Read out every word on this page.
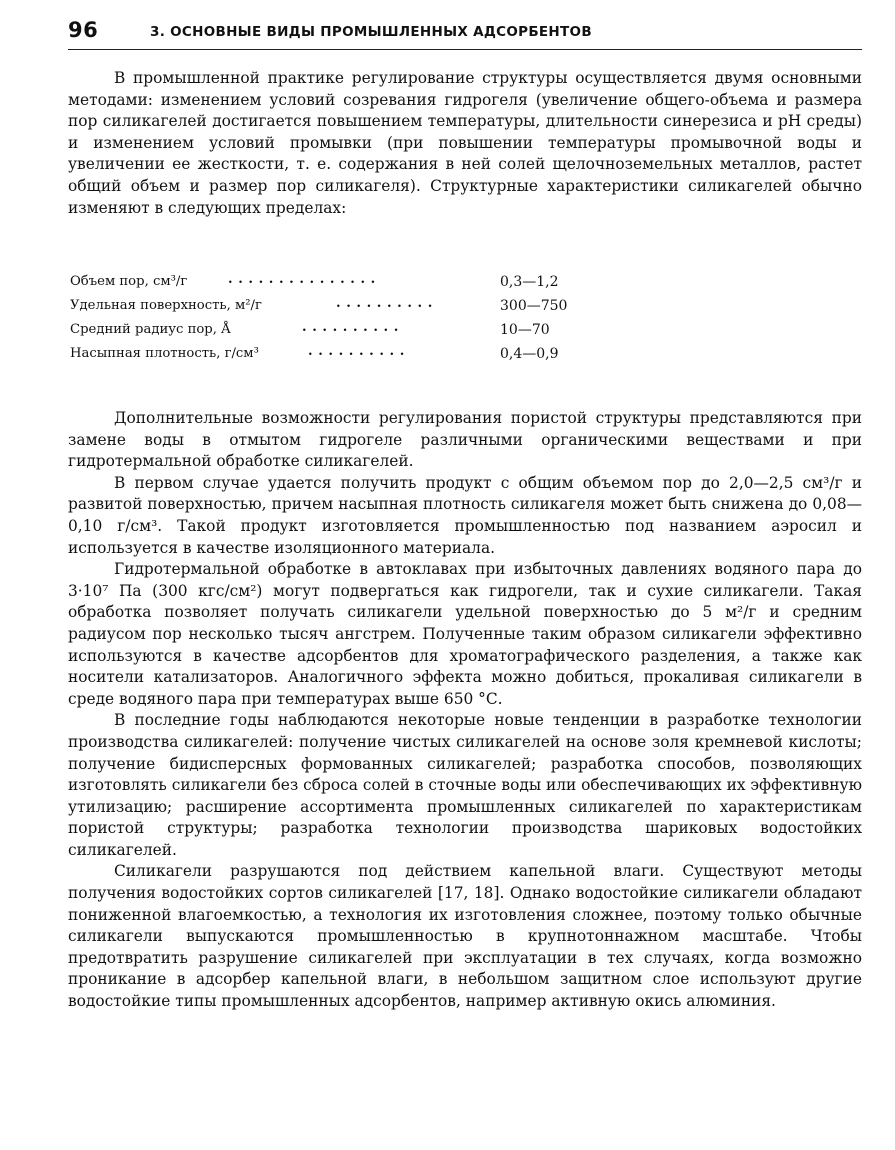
96	3. ОСНОВНЫЕ ВИДЫ ПРОМЫШЛЕННЫХ АДСОРБЕНТОВ

В промышленной практике регулирование структуры осуществляется двумя основными методами: изменением условий созревания гидрогеля (увеличение общего-объема и размера пор силикагелей достигается повышением температуры, длительности синерезиса и рН среды) и изменением условий промывки (при повышении температуры промывочной воды и увеличении ее жесткости, т. е. содержания в ней солей щелочноземельных металлов, растет общий объем и размер пор силикагеля). Структурные характеристики силикагелей обычно изменяют в следующих пределах:

Объем пор, см³/г	...............	0,3—1,2
Удельная поверхность, м²/г	..........	300—750
Средний радиус пор, Å	..........	10—70
Насыпная плотность, г/см³	..........	0,4—0,9

Дополнительные возможности регулирования пористой структуры представляются при замене воды в отмытом гидрогеле различными органическими веществами и при гидротермальной обработке силикагелей.

В первом случае удается получить продукт с общим объемом пор до 2,0—2,5 см³/г и развитой поверхностью, причем насыпная плотность силикагеля может быть снижена до 0,08—0,10 г/см³. Такой продукт изготовляется промышленностью под названием аэросил и используется в качестве изоляционного материала.

Гидротермальной обработке в автоклавах при избыточных давлениях водяного пара до 3·10⁷ Па (300 кгс/см²) могут подвергаться как гидрогели, так и сухие силикагели. Такая обработка позволяет получать силикагели удельной поверхностью до 5 м²/г и средним радиусом пор несколько тысяч ангстрем. Полученные таким образом силикагели эффективно используются в качестве адсорбентов для хроматографического разделения, а также как носители катализаторов. Аналогичного эффекта можно добиться, прокаливая силикагели в среде водяного пара при температурах выше 650 °С.

В последние годы наблюдаются некоторые новые тенденции в разработке технологии производства силикагелей: получение чистых силикагелей на основе золя кремневой кислоты; получение бидисперсных формованных силикагелей; разработка способов, позволяющих изготовлять силикагели без сброса солей в сточные воды или обеспечивающих их эффективную утилизацию; расширение ассортимента промышленных силикагелей по характеристикам пористой структуры; разработка технологии производства шариковых водостойких силикагелей.

Силикагели разрушаются под действием капельной влаги. Существуют методы получения водостойких сортов силикагелей [17, 18]. Однако водостойкие силикагели обладают пониженной влагоемкостью, а технология их изготовления сложнее, поэтому только обычные силикагели выпускаются промышленностью в крупнотоннажном масштабе. Чтобы предотвратить разрушение силикагелей при эксплуатации в тех случаях, когда возможно проникание в адсорбер капельной влаги, в небольшом защитном слое используют другие водостойкие типы промышленных адсорбентов, например активную окись алюминия.
